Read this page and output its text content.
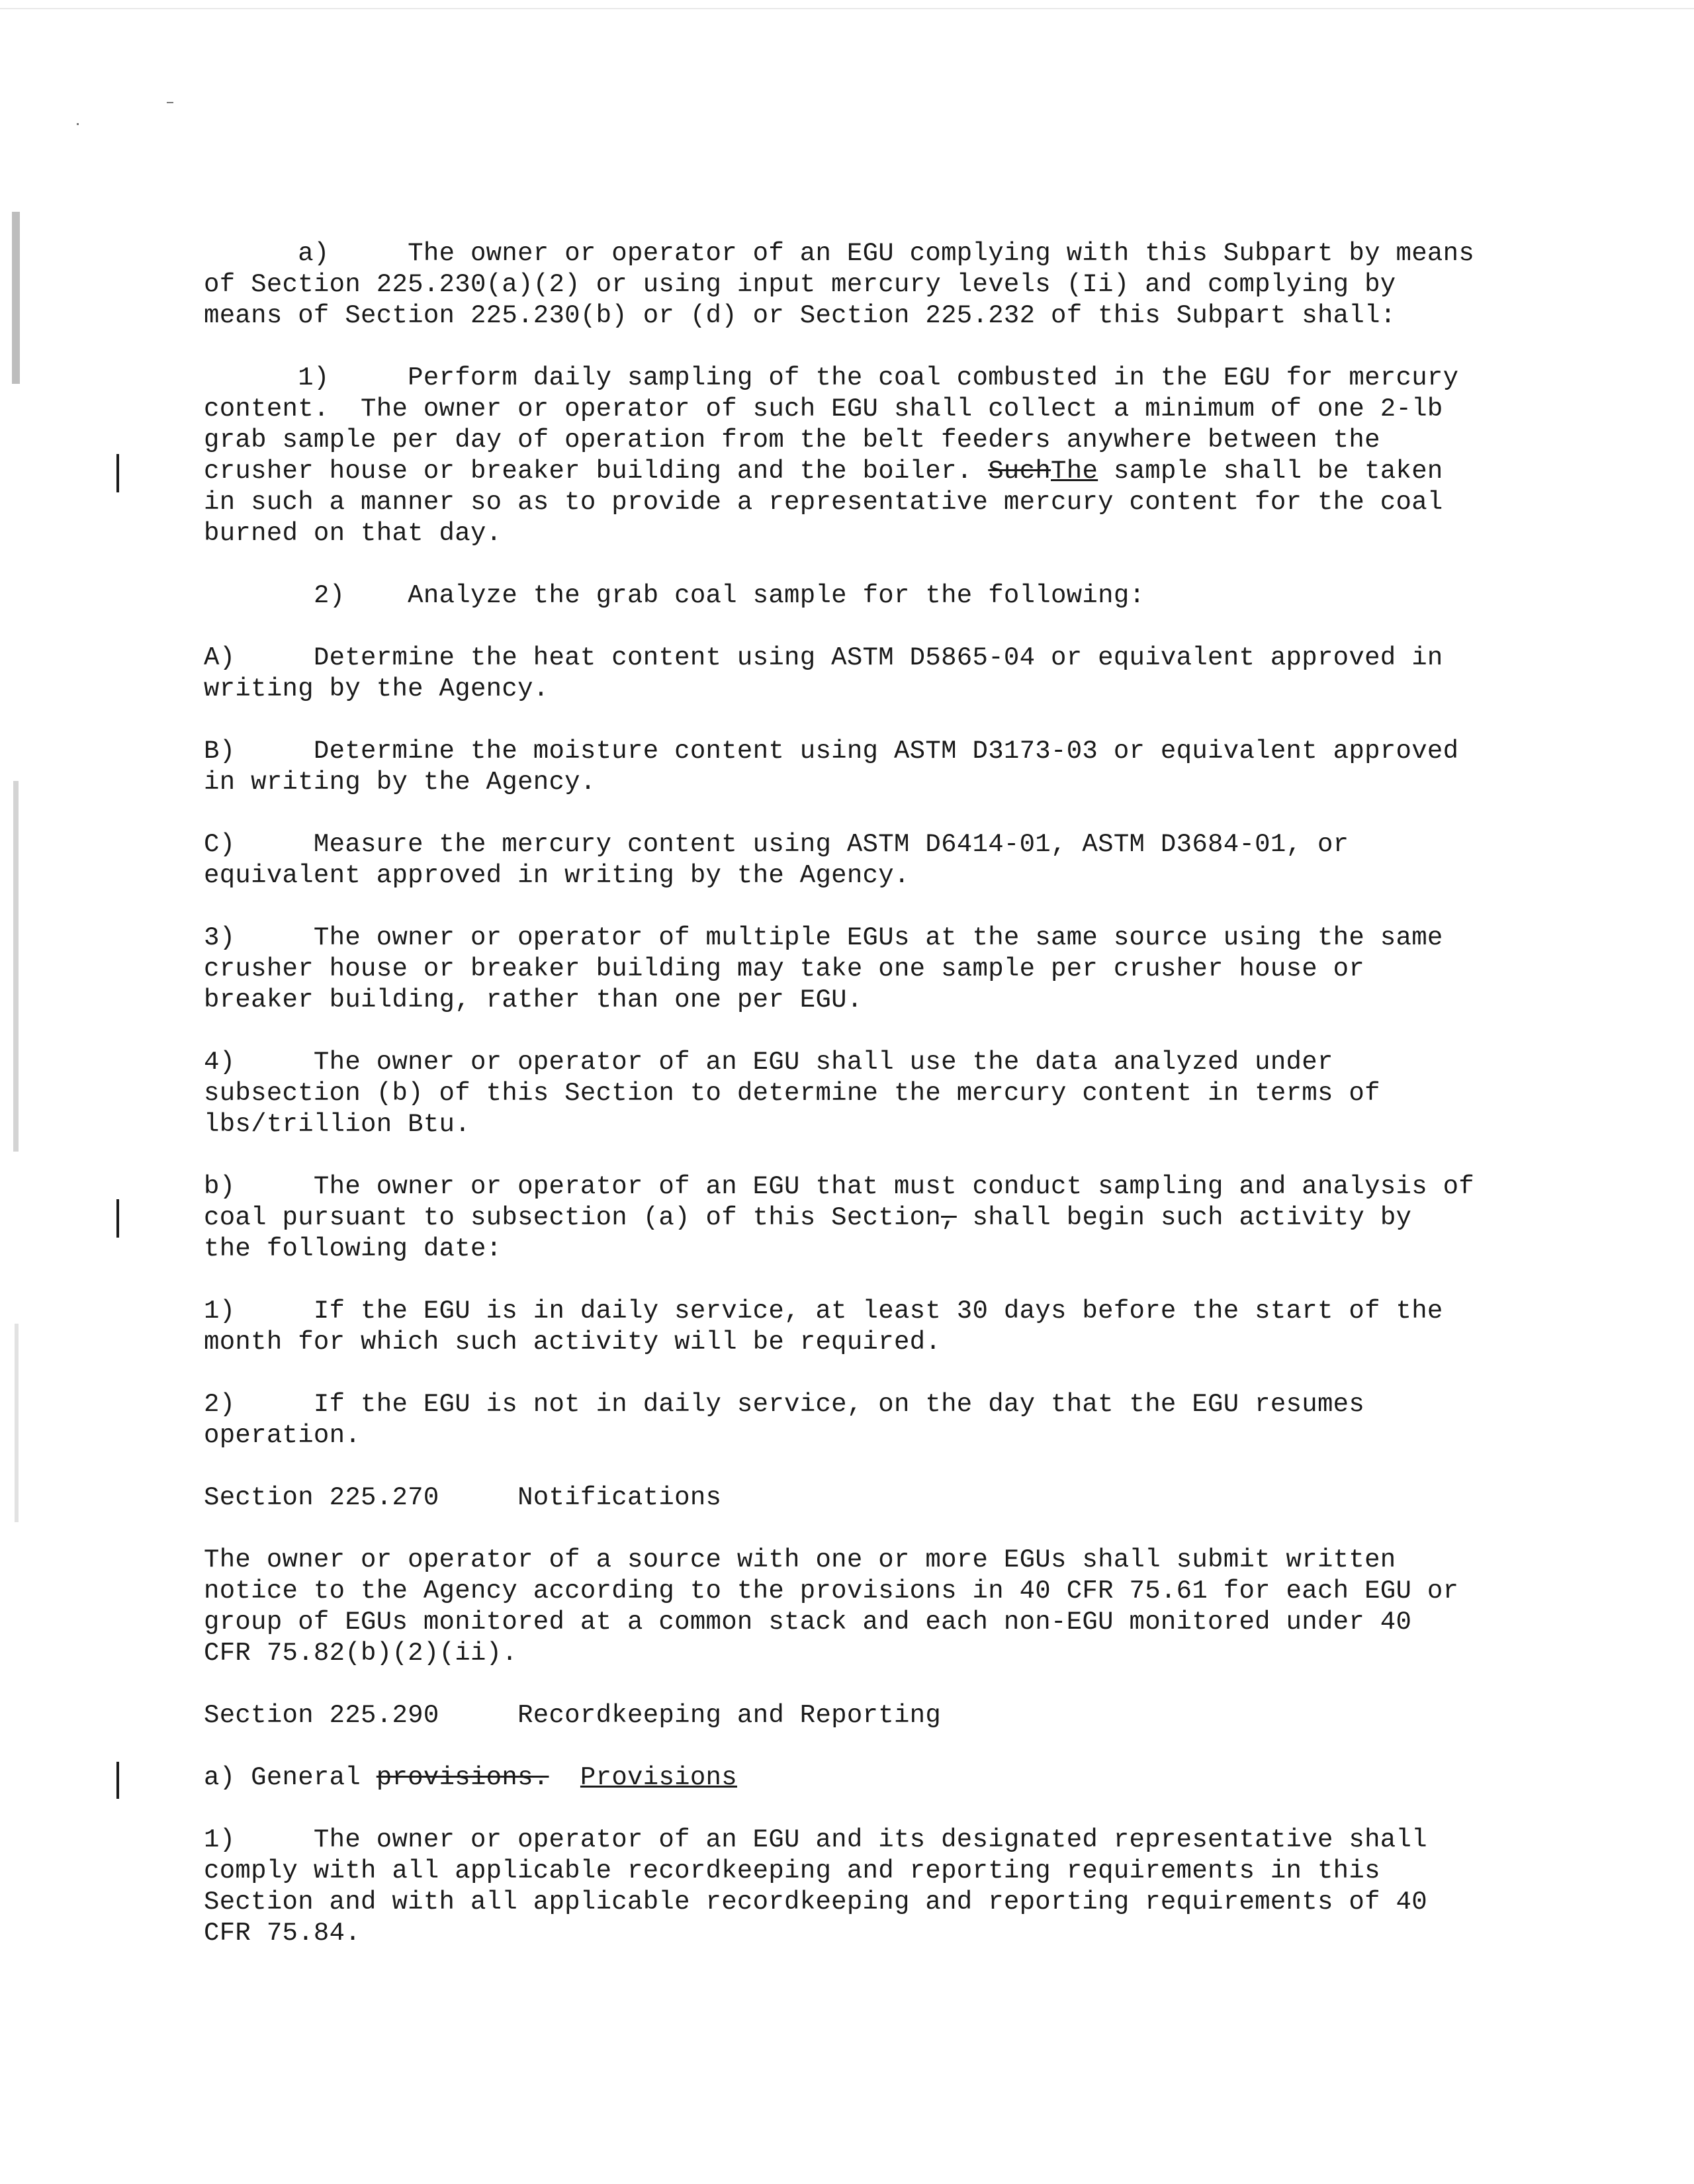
a)     The owner or operator of an EGU complying with this Subpart by means
of Section 225.230(a)(2) or using input mercury levels (Ii) and complying by
means of Section 225.230(b) or (d) or Section 225.232 of this Subpart shall:

1)     Perform daily sampling of the coal combusted in the EGU for mercury
content.  The owner or operator of such EGU shall collect a minimum of one 2-lb
grab sample per day of operation from the belt feeders anywhere between the
crusher house or breaker building and the boiler. SuchThe sample shall be taken
in such a manner so as to provide a representative mercury content for the coal
burned on that day.

2)    Analyze the grab coal sample for the following:

A)     Determine the heat content using ASTM D5865-04 or equivalent approved in
writing by the Agency.

B)     Determine the moisture content using ASTM D3173-03 or equivalent approved
in writing by the Agency.

C)     Measure the mercury content using ASTM D6414-01, ASTM D3684-01, or
equivalent approved in writing by the Agency.

3)     The owner or operator of multiple EGUs at the same source using the same
crusher house or breaker building may take one sample per crusher house or
breaker building, rather than one per EGU.

4)     The owner or operator of an EGU shall use the data analyzed under
subsection (b) of this Section to determine the mercury content in terms of
lbs/trillion Btu.

b)     The owner or operator of an EGU that must conduct sampling and analysis of
coal pursuant to subsection (a) of this Section, shall begin such activity by
the following date:

1)     If the EGU is in daily service, at least 30 days before the start of the
month for which such activity will be required.

2)     If the EGU is not in daily service, on the day that the EGU resumes
operation.

Section 225.270     Notifications

The owner or operator of a source with one or more EGUs shall submit written
notice to the Agency according to the provisions in 40 CFR 75.61 for each EGU or
group of EGUs monitored at a common stack and each non-EGU monitored under 40
CFR 75.82(b)(2)(ii).

Section 225.290     Recordkeeping and Reporting

a) General provisions. Provisions

1)     The owner or operator of an EGU and its designated representative shall
comply with all applicable recordkeeping and reporting requirements in this
Section and with all applicable recordkeeping and reporting requirements of 40
CFR 75.84.
